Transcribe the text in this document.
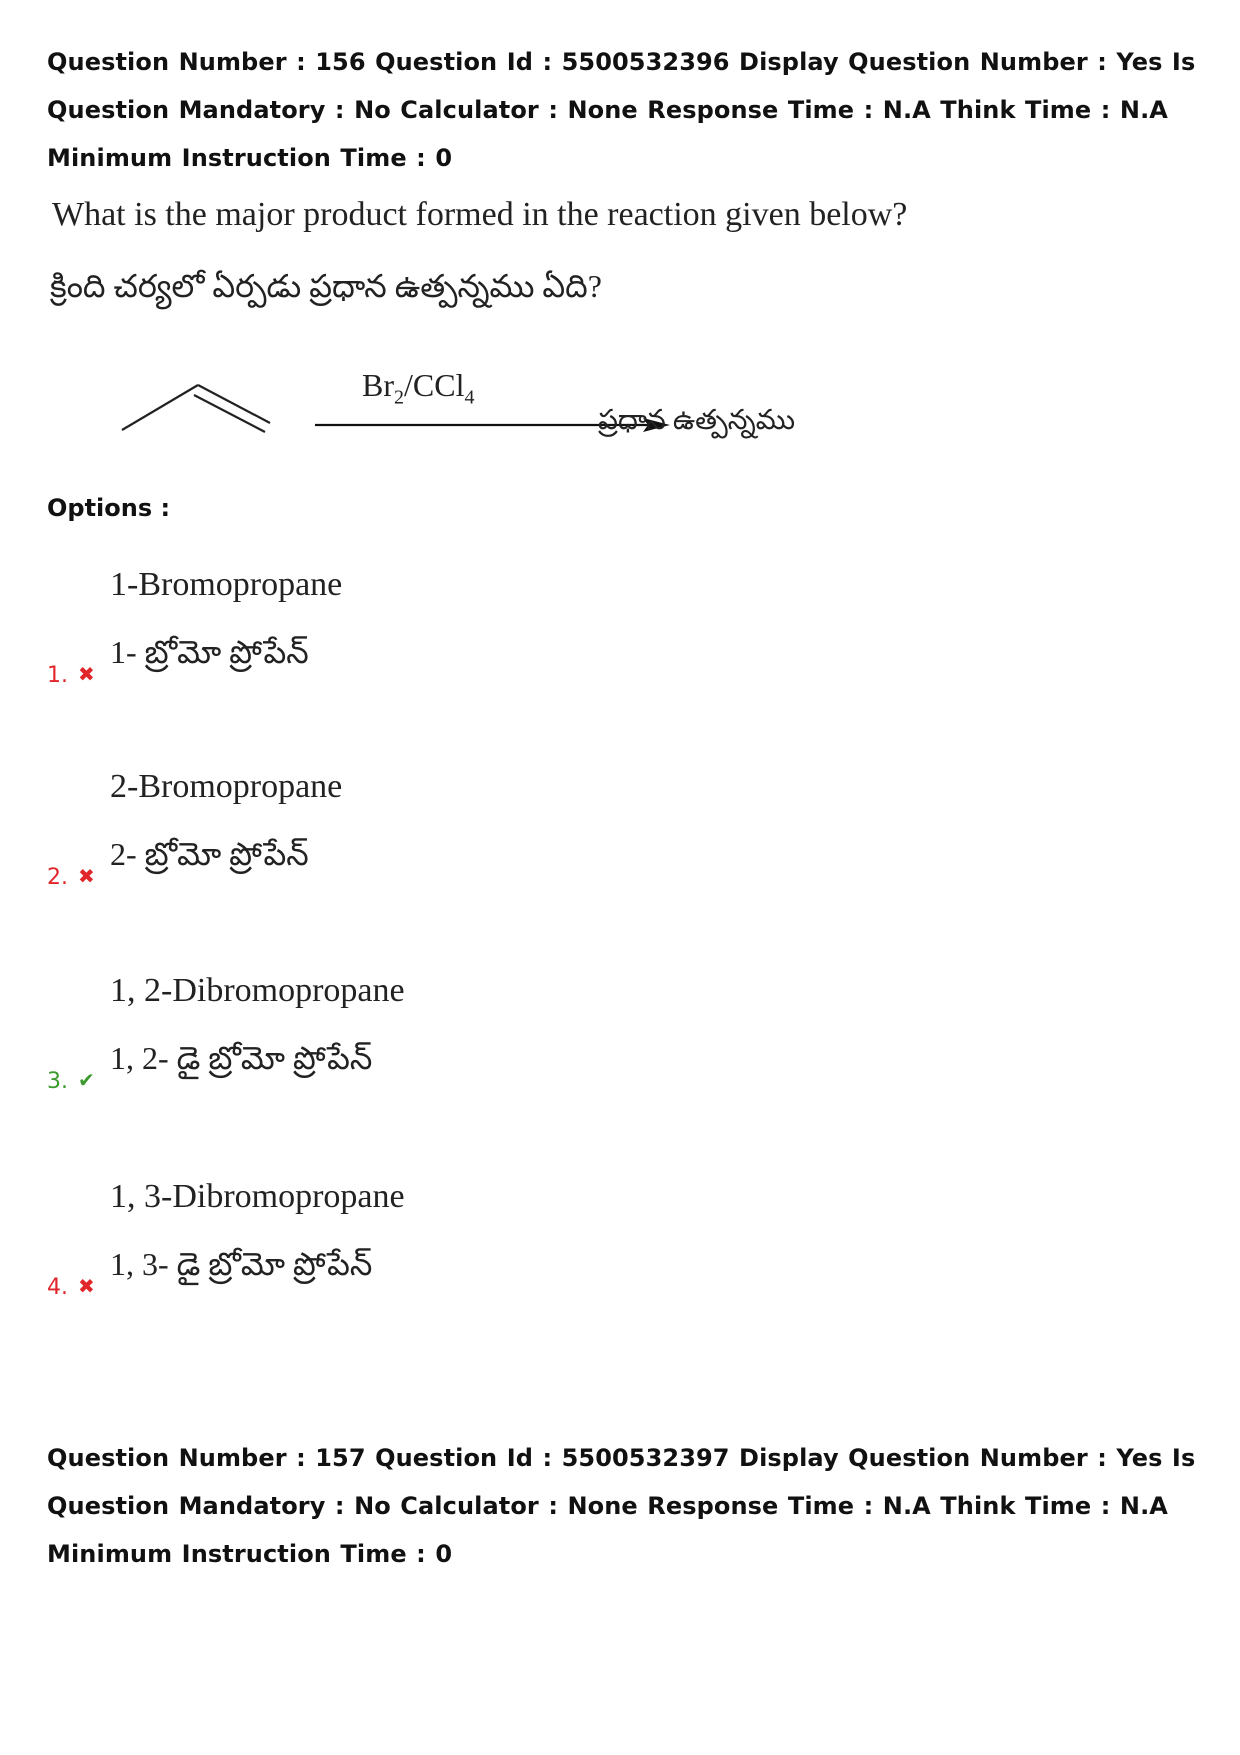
Question Number : 156 Question Id : 5500532396 Display Question Number : Yes Is Question Mandatory : No Calculator : None Response Time : N.A Think Time : N.A Minimum Instruction Time : 0
What is the major product formed in the reaction given below?
క్రింది చర్యలో ఏర్పడు ప్రధాన ఉత్పన్నము ఏది?
$Br_2/CCl_4$
ప్రధాన ఉత్పన్నము
Options :
1-Bromopropane
1- బ్రోమో ప్రోపేన్
1. ✖
2-Bromopropane
2- బ్రోమో ప్రోపేన్
2. ✖
1, 2-Dibromopropane
1, 2- డై బ్రోమో ప్రోపేన్
3. ✔
1, 3-Dibromopropane
1, 3- డై బ్రోమో ప్రోపేన్
4. ✖
Question Number : 157 Question Id : 5500532397 Display Question Number : Yes Is Question Mandatory : No Calculator : None Response Time : N.A Think Time : N.A Minimum Instruction Time : 0
